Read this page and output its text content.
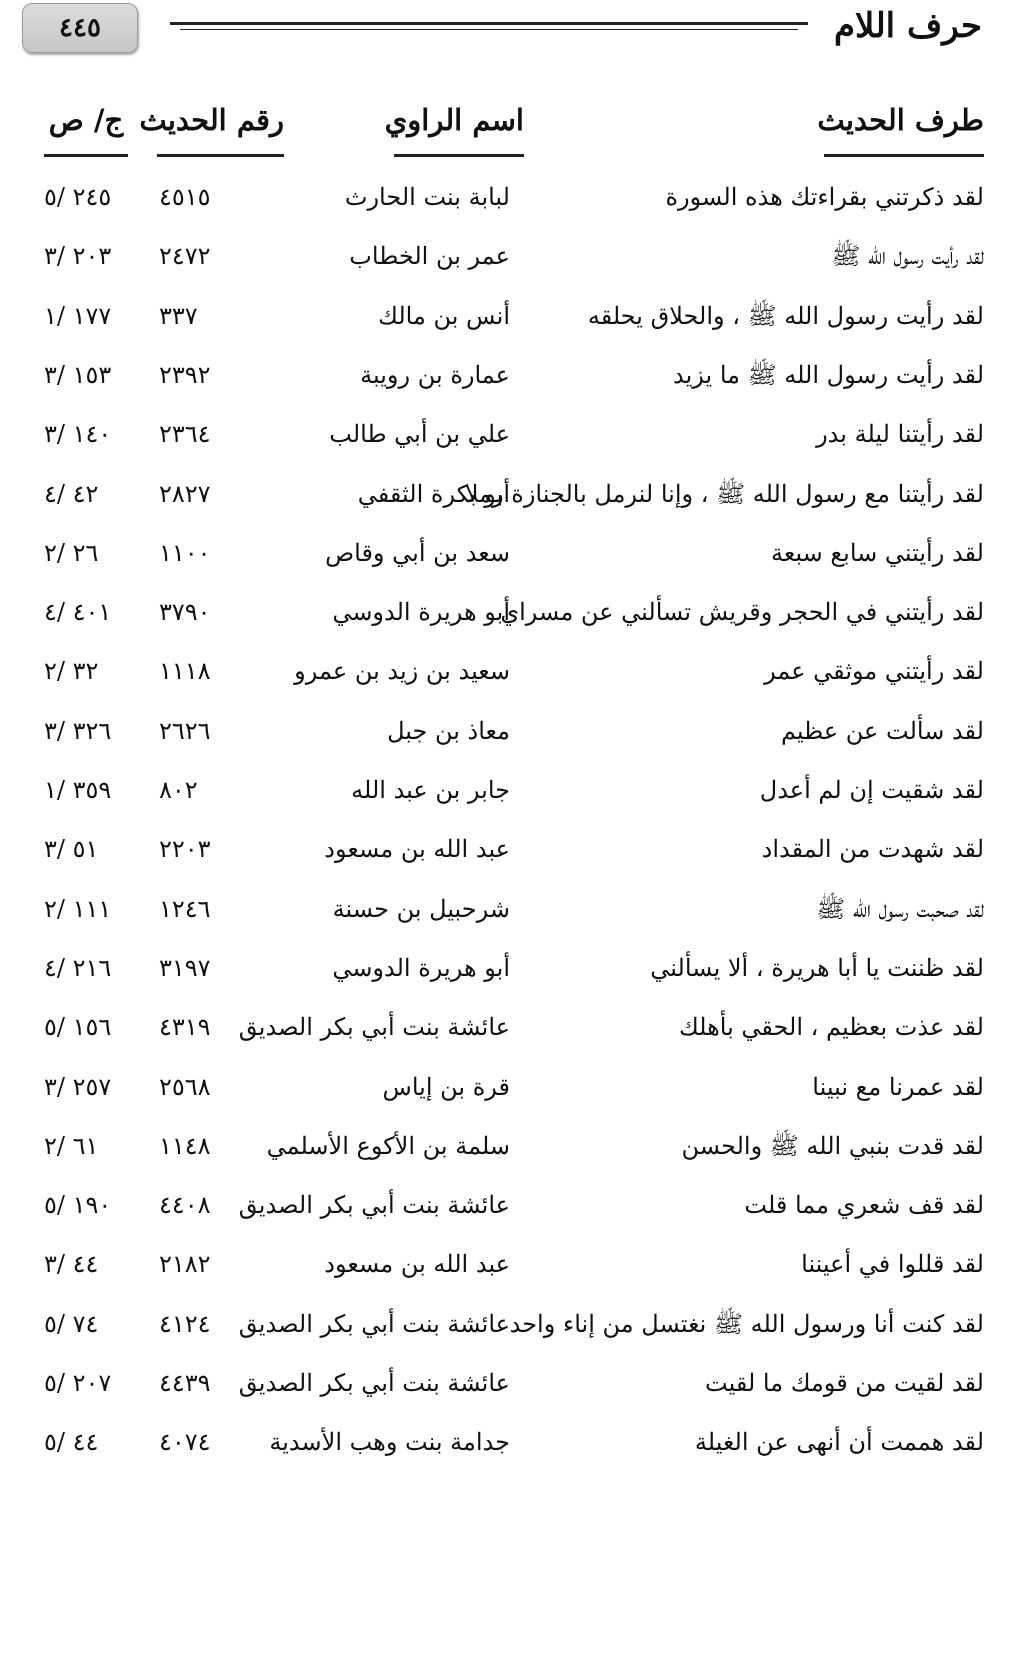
حرف اللام
٤٤٥
طرف الحديث
اسم الراوي
رقم الحديث
ج/ ص
لقد ذكرتني بقراءتك هذه السورة
لبابة بنت الحارث
٤٥١٥
٢٤٥ /٥
لقد رأيت رسول الله ﷺ
عمر بن الخطاب
٢٤٧٢
٢٠٣ /٣
لقد رأيت رسول الله ﷺ ، والحلاق يحلقه
أنس بن مالك
٣٣٧
١٧٧ /١
لقد رأيت رسول الله ﷺ ما يزيد
عمارة بن رويبة
٢٣٩٢
١٥٣ /٣
لقد رأيتنا ليلة بدر
علي بن أبي طالب
٢٣٦٤
١٤٠ /٣
لقد رأيتنا مع رسول الله ﷺ ، وإنا لنرمل بالجنازة رملا
أبو بكرة الثقفي
٢٨٢٧
٤٢ /٤
لقد رأيتني سابع سبعة
سعد بن أبي وقاص
١١٠٠
٢٦ /٢
لقد رأيتني في الحجر وقريش تسألني عن مسراي
أبو هريرة الدوسي
٣٧٩٠
٤٠١ /٤
لقد رأيتني موثقي عمر
سعيد بن زيد بن عمرو
١١١٨
٣٢ /٢
لقد سألت عن عظيم
معاذ بن جبل
٢٦٢٦
٣٢٦ /٣
لقد شقيت إن لم أعدل
جابر بن عبد الله
٨٠٢
٣٥٩ /١
لقد شهدت من المقداد
عبد الله بن مسعود
٢٢٠٣
٥١ /٣
لقد صحبت رسول الله ﷺ
شرحبيل بن حسنة
١٢٤٦
١١١ /٢
لقد ظننت يا أبا هريرة ، ألا يسألني
أبو هريرة الدوسي
٣١٩٧
٢١٦ /٤
لقد عذت بعظيم ، الحقي بأهلك
عائشة بنت أبي بكر الصديق
٤٣١٩
١٥٦ /٥
لقد عمرنا مع نبينا
قرة بن إياس
٢٥٦٨
٢٥٧ /٣
لقد قدت بنبي الله ﷺ والحسن
سلمة بن الأكوع الأسلمي
١١٤٨
٦١ /٢
لقد قف شعري مما قلت
عائشة بنت أبي بكر الصديق
٤٤٠٨
١٩٠ /٥
لقد قللوا في أعيننا
عبد الله بن مسعود
٢١٨٢
٤٤ /٣
لقد كنت أنا ورسول الله ﷺ نغتسل من إناء واحد
عائشة بنت أبي بكر الصديق
٤١٢٤
٧٤ /٥
لقد لقيت من قومك ما لقيت
عائشة بنت أبي بكر الصديق
٤٤٣٩
٢٠٧ /٥
لقد هممت أن أنهى عن الغيلة
جدامة بنت وهب الأسدية
٤٠٧٤
٤٤ /٥
